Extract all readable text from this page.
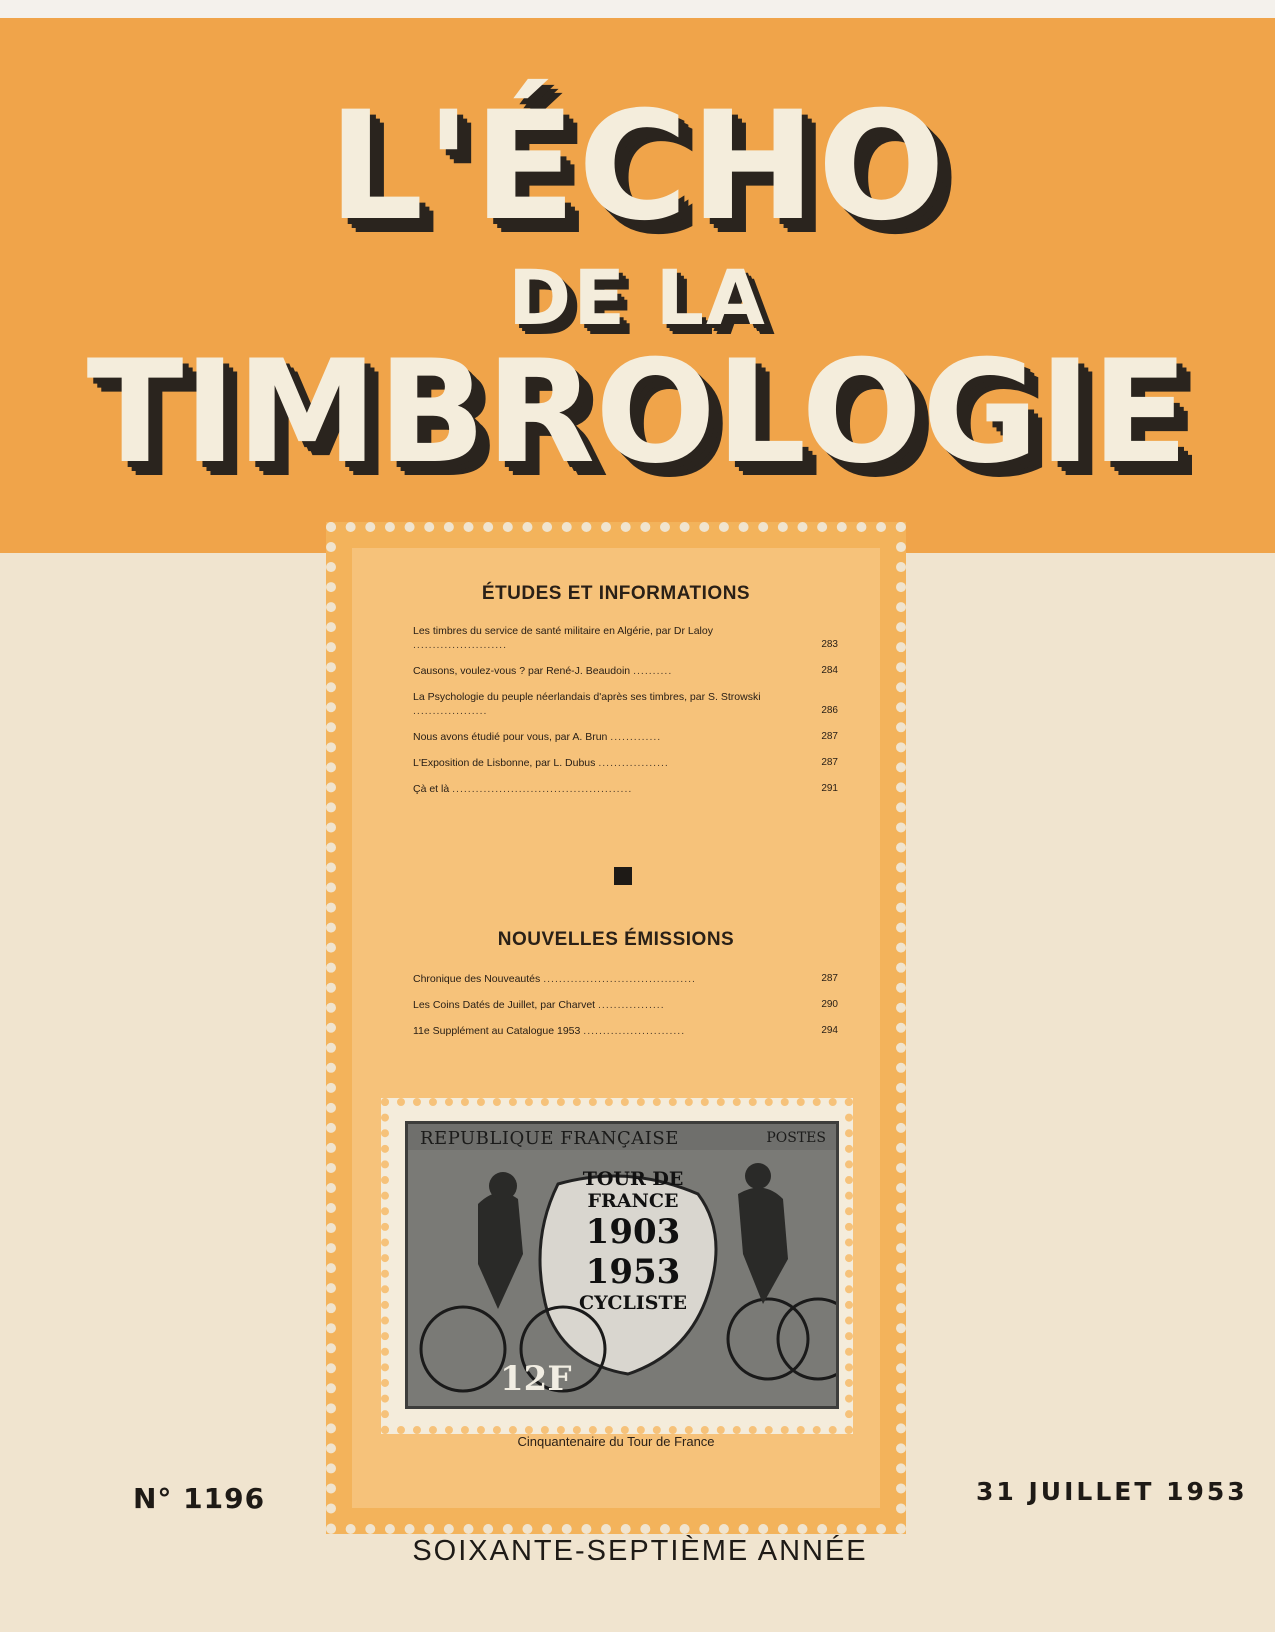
L'ÉCHO
DE LA
TIMBROLOGIE
ÉTUDES ET INFORMATIONS
Les timbres du service de santé militaire en Algérie, par Dr Laloy ........................	283
Causons, voulez-vous ? par René-J. Beaudoin ..........	284
La Psychologie du peuple néerlandais d'après ses timbres, par S. Strowski ...................	286
Nous avons étudié pour vous, par A. Brun .............	287
L'Exposition de Lisbonne, par L. Dubus ..................	287
Çà et là ..............................................	291
NOUVELLES ÉMISSIONS
Chronique des Nouveautés .......................................	287
Les Coins Datés de Juillet, par Charvet .................	290
11e Supplément au Catalogue 1953 ..........................	294
REPUBLIQUE FRANÇAISE	POSTES
TOUR DE FRANCE
1903
1953
CYCLISTE
12F
Cinquantenaire du Tour de France
N° 1196	31 JUILLET 1953
SOIXANTE-SEPTIÈME ANNÉE
